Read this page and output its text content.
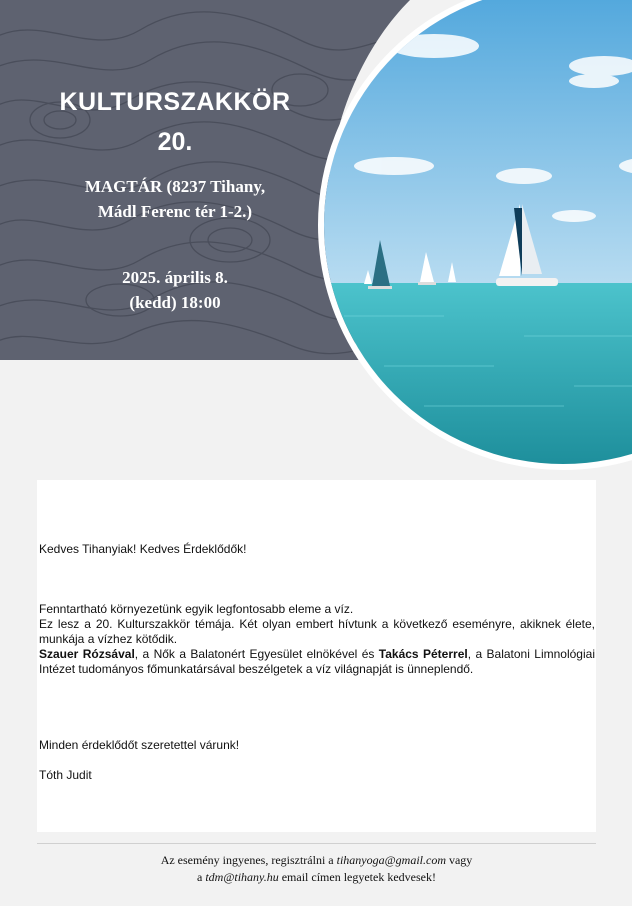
KULTURSZAKKÖR
20.
MAGTÁR (8237 Tihany,
Mádl Ferenc tér 1-2.)
2025. április 8.
(kedd) 18:00
Kedves Tihanyiak! Kedves Érdeklődők!
Fenntartható környezetünk egyik legfontosabb eleme a víz.
Ez lesz a 20. Kulturszakkör témája. Két olyan embert hívtunk a következő eseményre, akiknek élete, munkája a vízhez kötődik.
Szauer Rózsával, a Nők a Balatonért Egyesület elnökével és Takács Péterrel, a Balatoni Limnológiai Intézet tudományos főmunkatársával beszélgetek a víz világnapját is ünneplendő.
Minden érdeklődőt szeretettel várunk!
Tóth Judit
Az esemény ingyenes, regisztrálni a tihanyoga@gmail.com vagy
a tdm@tihany.hu email címen legyetek kedvesek!
